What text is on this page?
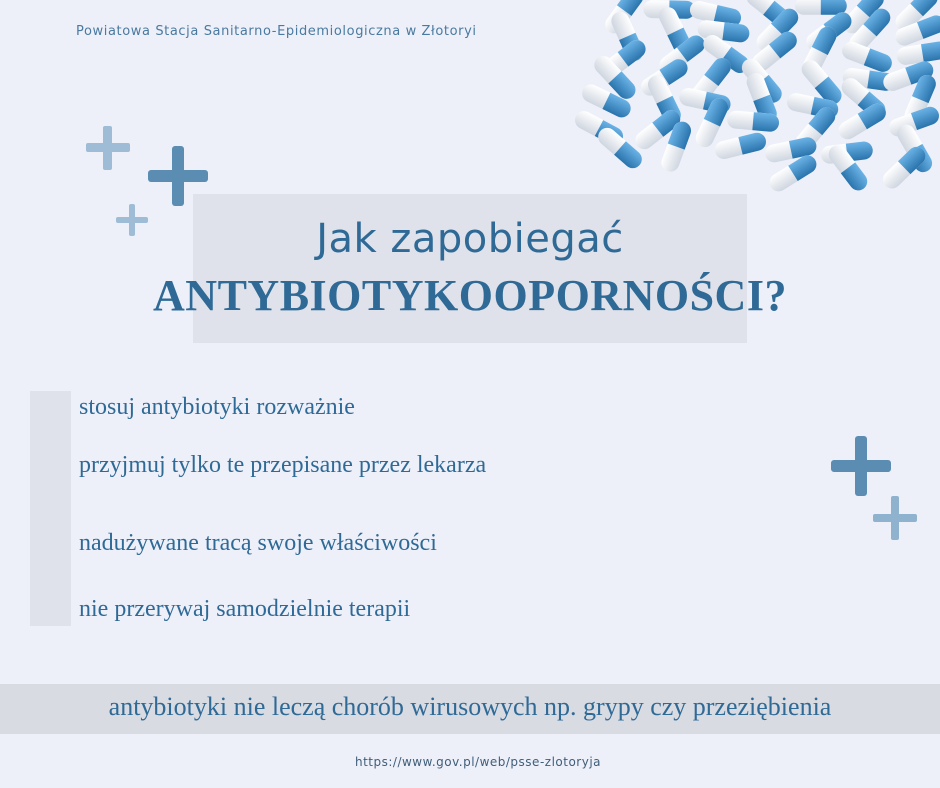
Powiatowa Stacja Sanitarno-Epidemiologiczna w Złotoryi
Jak zapobiegać
ANTYBIOTYKOOPORNOŚCI?
stosuj antybiotyki rozważnie
przyjmuj tylko te przepisane przez lekarza
nadużywane tracą swoje właściwości
nie przerywaj samodzielnie terapii
antybiotyki nie leczą chorób wirusowych np. grypy czy przeziębienia
https://www.gov.pl/web/psse-zlotoryja
